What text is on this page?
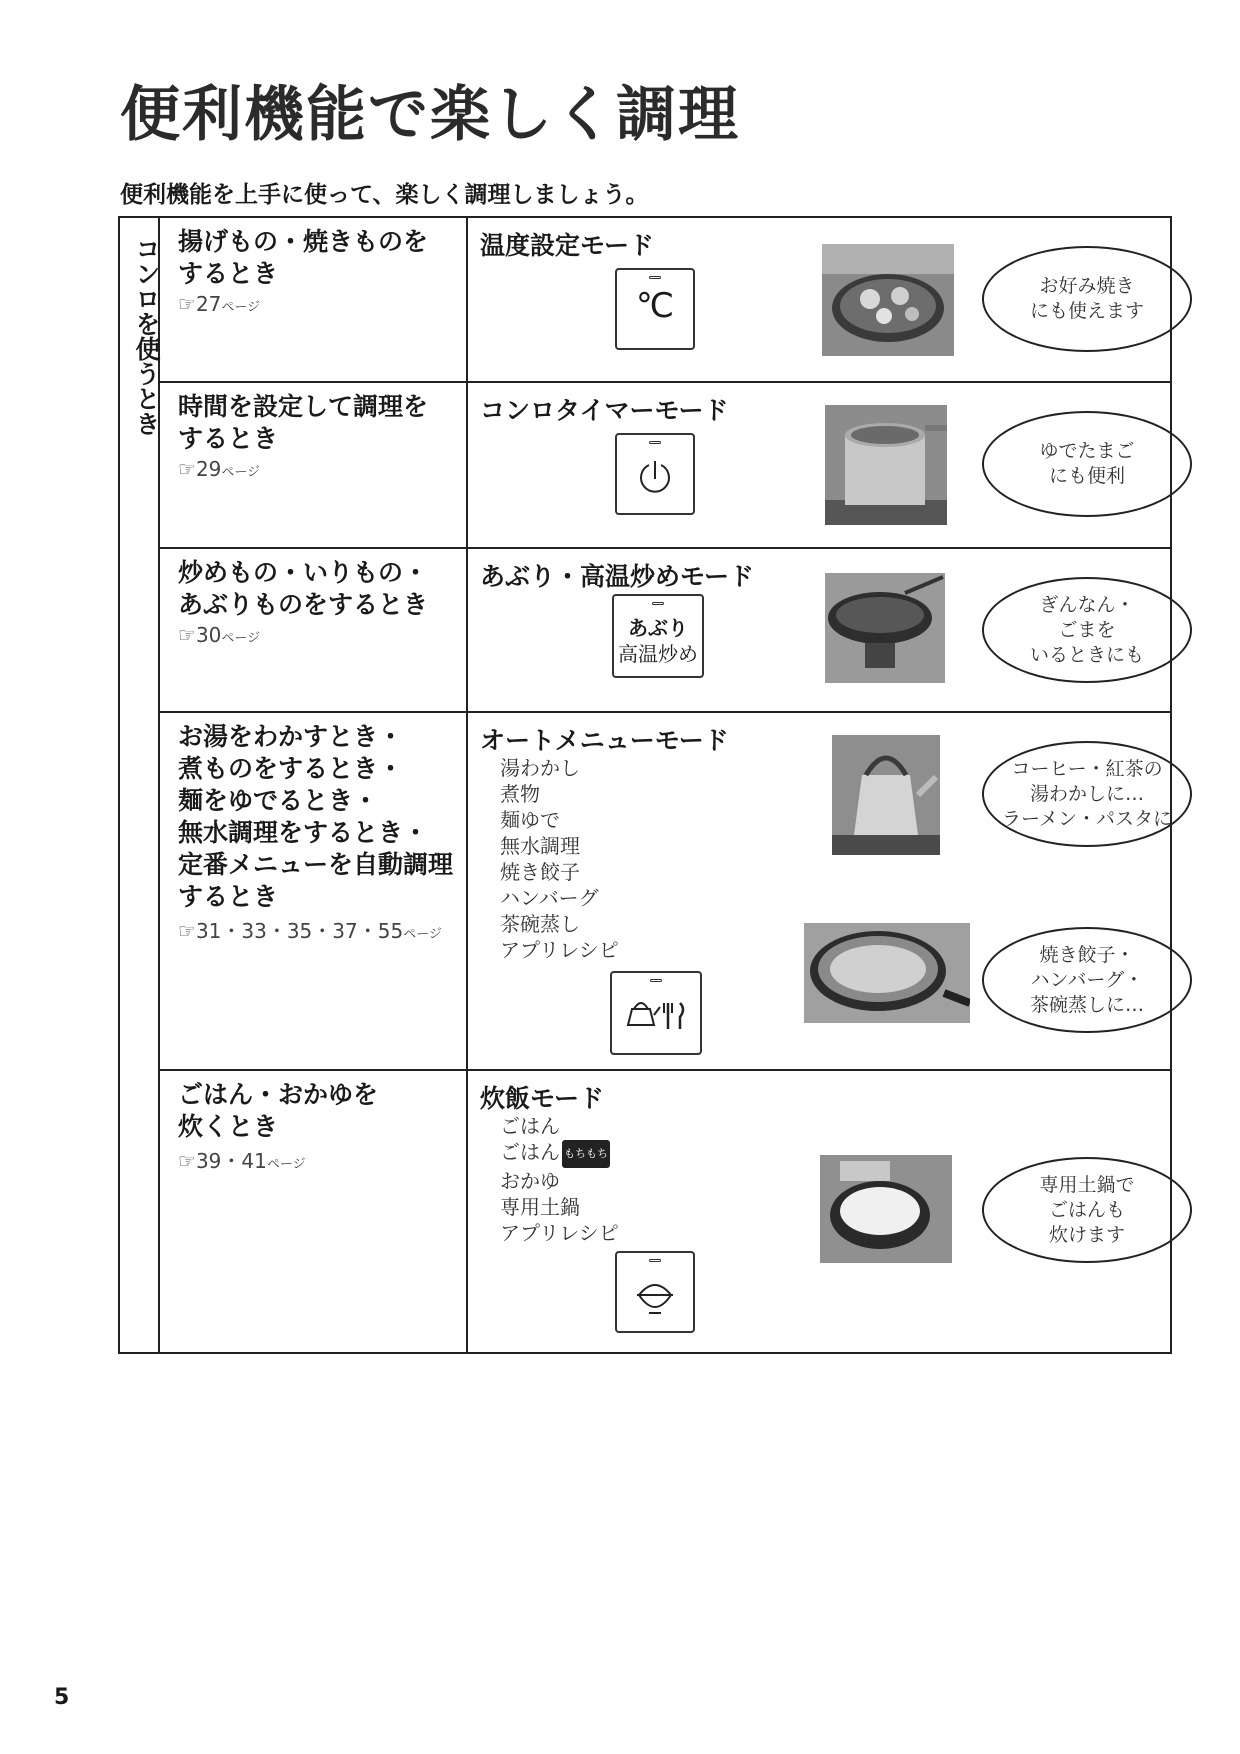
便利機能で楽しく調理

便利機能を上手に使って、楽しく調理しましょう。

コンロを使うとき 揚げもの・焼きものを
するとき

☞27ページ

温度設定モード

℃	お好み焼き
にも使えます

時間を設定して調理を
するとき

☞29ページ

コンロタイマーモード

ゆでたまご
にも便利

炒めもの・いりもの・
あぶりものをするとき

☞30ページ

あぶり・高温炒めモード

あぶり
高温炒め
ぎんなん・
ごまを
いるときにも

お湯をわかすとき・
煮ものをするとき・
麺をゆでるとき・
無水調理をするとき・
定番メニューを自動調理
するとき

☞31・33・35・37・55ページ

オートメニューモード

湯わかし
煮物
麺ゆで
無水調理
焼き餃子
ハンバーグ
茶碗蒸し
アプリレシピ
コーヒー・紅茶の
湯わかしに…
ラーメン・パスタに
焼き餃子・
ハンバーグ・
茶碗蒸しに…

ごはん・おかゆを
炊くとき

☞39・41ページ

炊飯モード

ごはん
ごはん もちもち
おかゆ
専用土鍋
アプリレシピ
専用土鍋で
ごはんも
炊けます
5
